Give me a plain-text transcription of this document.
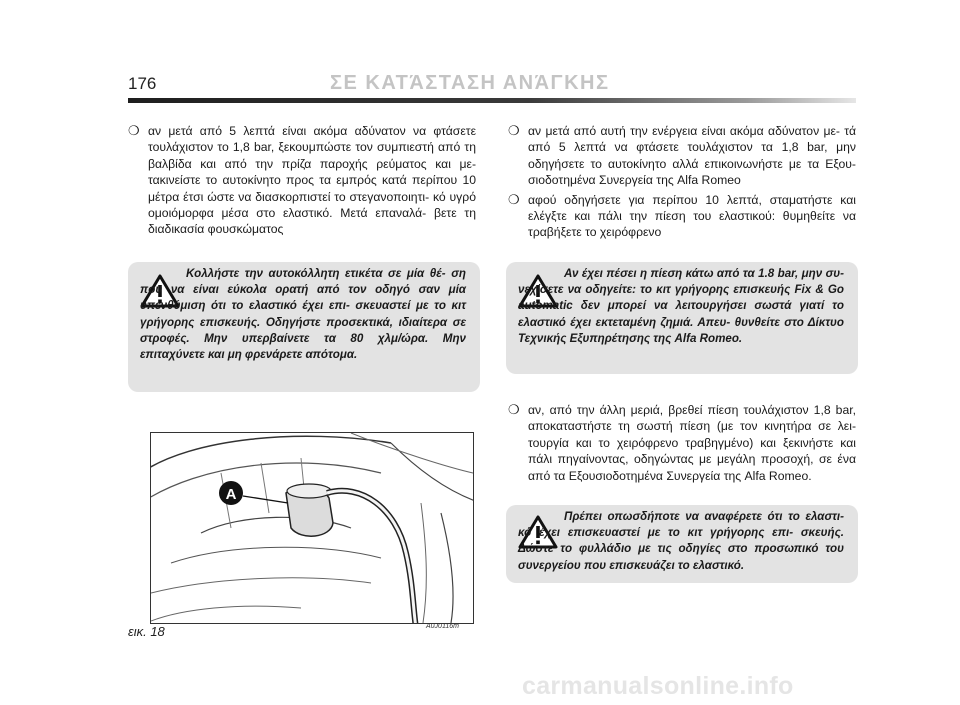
176	ΣΕ ΚΑΤΆΣΤΑΣΗ ΑΝΆΓΚΗΣ
❍ αν μετά από 5 λεπτά είναι ακόμα αδύνατον να φτάσετε τουλάχιστον το 1,8 bar, ξεκουμπώστε τον συμπιεστή από τη βαλβίδα και από την πρίζα παροχής ρεύματος και με- τακινείστε το αυτοκίνητο προς τα εμπρός κατά περίπου 10 μέτρα έτσι ώστε να διασκορπιστεί το στεγανοποιητι- κό υγρό ομοιόμορφα μέσα στο ελαστικό. Μετά επαναλά- βετε τη διαδικασία φουσκώματος
Κολλήστε την αυτοκόλλητη ετικέτα σε μία θέ- ση που να είναι εύκολα ορατή από τον οδηγό σαν μία υπενθύμιση ότι το ελαστικό έχει επι- σκευαστεί με το κιτ γρήγορης επισκευής. Οδηγήστε προσεκτικά, ιδιαίτερα σε στροφές. Μην υπερβαίνετε τα 80 χλμ/ώρα. Μην επιταχύνετε και μη φρενάρετε απότομα.
A
εικ. 18	A0J0116m
❍ αν μετά από αυτή την ενέργεια είναι ακόμα αδύνατον με- τά από 5 λεπτά να φτάσετε τουλάχιστον τα 1,8 bar, μην οδηγήσετε το αυτοκίνητο αλλά επικοινωνήστε με τα Εξου- σιοδοτημένα Συνεργεία της Alfa Romeo
❍ αφού οδηγήσετε για περίπου 10 λεπτά, σταματήστε και ελέγξτε και πάλι την πίεση του ελαστικού: θυμηθείτε να τραβήξετε το χειρόφρενο
Αν έχει πέσει η πίεση κάτω από τα 1.8 bar, μην συ- νεχίσετε να οδηγείτε: το κιτ γρήγορης επισκευής Fix & Go automatic δεν μπορεί να λειτουργήσει σωστά γιατί το ελαστικό έχει εκτεταμένη ζημιά. Απευ- θυνθείτε στο Δίκτυο Τεχνικής Εξυπηρέτησης της Alfa Romeo.
❍ αν, από την άλλη μεριά, βρεθεί πίεση τουλάχιστον 1,8 bar, αποκαταστήστε τη σωστή πίεση (με τον κινητήρα σε λει- τουργία και το χειρόφρενο τραβηγμένο) και ξεκινήστε και πάλι πηγαίνοντας, οδηγώντας με μεγάλη προσοχή, σε ένα από τα Εξουσιοδοτημένα Συνεργεία της Alfa Romeo.
Πρέπει οπωσδήποτε να αναφέρετε ότι το ελαστι- κό έχει επισκευαστεί με το κιτ γρήγορης επι- σκευής. Δώστε το φυλλάδιο με τις οδηγίες στο προσωπικό του συνεργείου που επισκευάζει το ελαστικό.
carmanualsonline.info
